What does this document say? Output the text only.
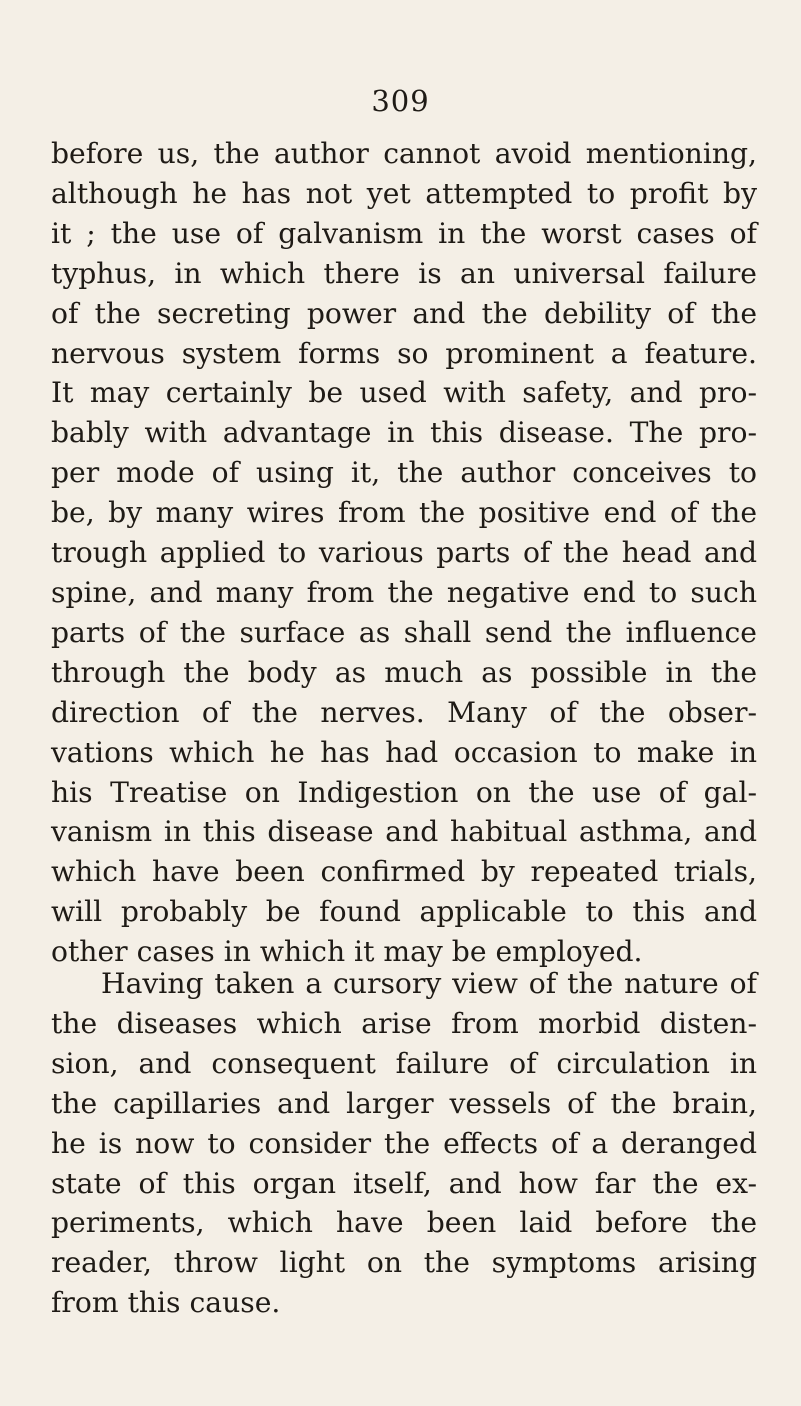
309

before us, the author cannot avoid mentioning,
although he has not yet attempted to profit by
it ; the use of galvanism in the worst cases of
typhus, in which there is an universal failure
of the secreting power and the debility of the
nervous system forms so prominent a feature.
It may certainly be used with safety, and pro-
bably with advantage in this disease. The pro-
per mode of using it, the author conceives to
be, by many wires from the positive end of the
trough applied to various parts of the head and
spine, and many from the negative end to such
parts of the surface as shall send the influence
through the body as much as possible in the
direction of the nerves. Many of the obser-
vations which he has had occasion to make in
his Treatise on Indigestion on the use of gal-
vanism in this disease and habitual asthma, and
which have been confirmed by repeated trials,
will probably be found applicable to this and
other cases in which it may be employed.

Having taken a cursory view of the nature of
the diseases which arise from morbid disten-
sion, and consequent failure of circulation in
the capillaries and larger vessels of the brain,
he is now to consider the effects of a deranged
state of this organ itself, and how far the ex-
periments, which have been laid before the
reader, throw light on the symptoms arising
from this cause.
